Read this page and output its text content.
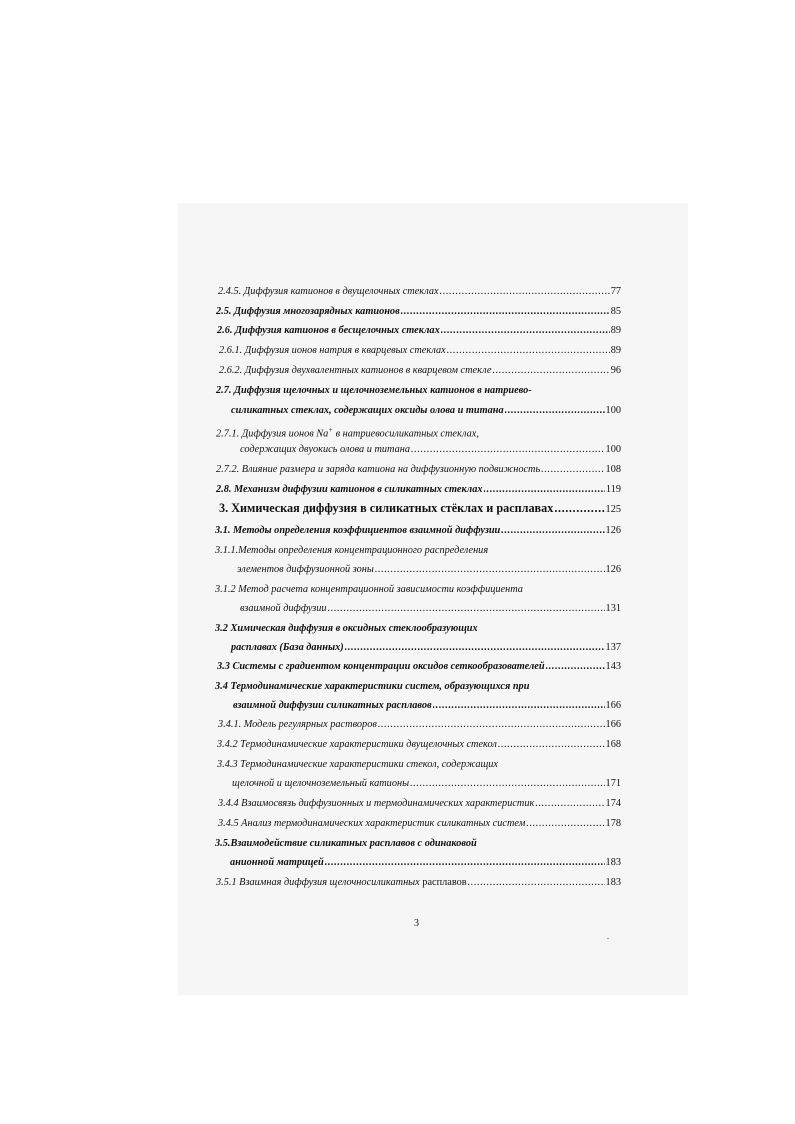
2.4.5. Диффузия катионов в двущелочных стеклах .....	77
2.5. Диффузия многозарядных катионов .....	85
2.6. Диффузия катионов в бесщелочных стеклах .....	89
2.6.1. Диффузия ионов натрия в кварцевых стеклах .....	89
2.6.2. Диффузия двухвалентных катионов в кварцевом стекле .....	96
2.7. Диффузия щелочных и щелочноземельных катионов в натриево-
силикатных стеклах, содержащих оксиды олова и титана .....	100
2.7.1. Диффузия ионов Na+ в натриевосиликатных стеклах,
содержащих двуокись олова и титана .....	100
2.7.2. Влияние размера и заряда катиона на диффузионную подвижность .....	108
2.8. Механизм диффузии катионов в силикатных стеклах .....	119
3. Химическая диффузия в силикатных стёклах и расплавах .....	125
3.1. Методы определения коэффициентов взаимной диффузии .....	126
3.1.1.Методы определения концентрационного распределения
элементов диффузионной зоны .....	126
3.1.2 Метод расчета концентрационной зависимости коэффициента
взаимной диффузии .....	131
3.2 Химическая диффузия в оксидных стеклообразующих
расплавах (База данных) .....	137
3.3 Системы с градиентом концентрации оксидов сеткообразователей .....	143
3.4 Термодинамические характеристики систем, образующихся при
взаимной диффузии силикатных расплавов .....	166
3.4.1. Модель регулярных растворов .....	166
3.4.2 Термодинамические характеристики двущелочных стекол .....	168
3.4.3 Термодинамические характеристики стекол, содержащих
щелочной и щелочноземельный катионы .....	171
3.4.4 Взаимосвязь диффузионных и термодинамических характеристик .....	174
3.4.5 Анализ термодинамических характеристик силикатных систем .....	178
3.5.Взаимодействие силикатных расплавов с одинаковой
анионной матрицей .....	183
3.5.1 Взаимная диффузия щелочносиликатных расплавов .....	183
3
